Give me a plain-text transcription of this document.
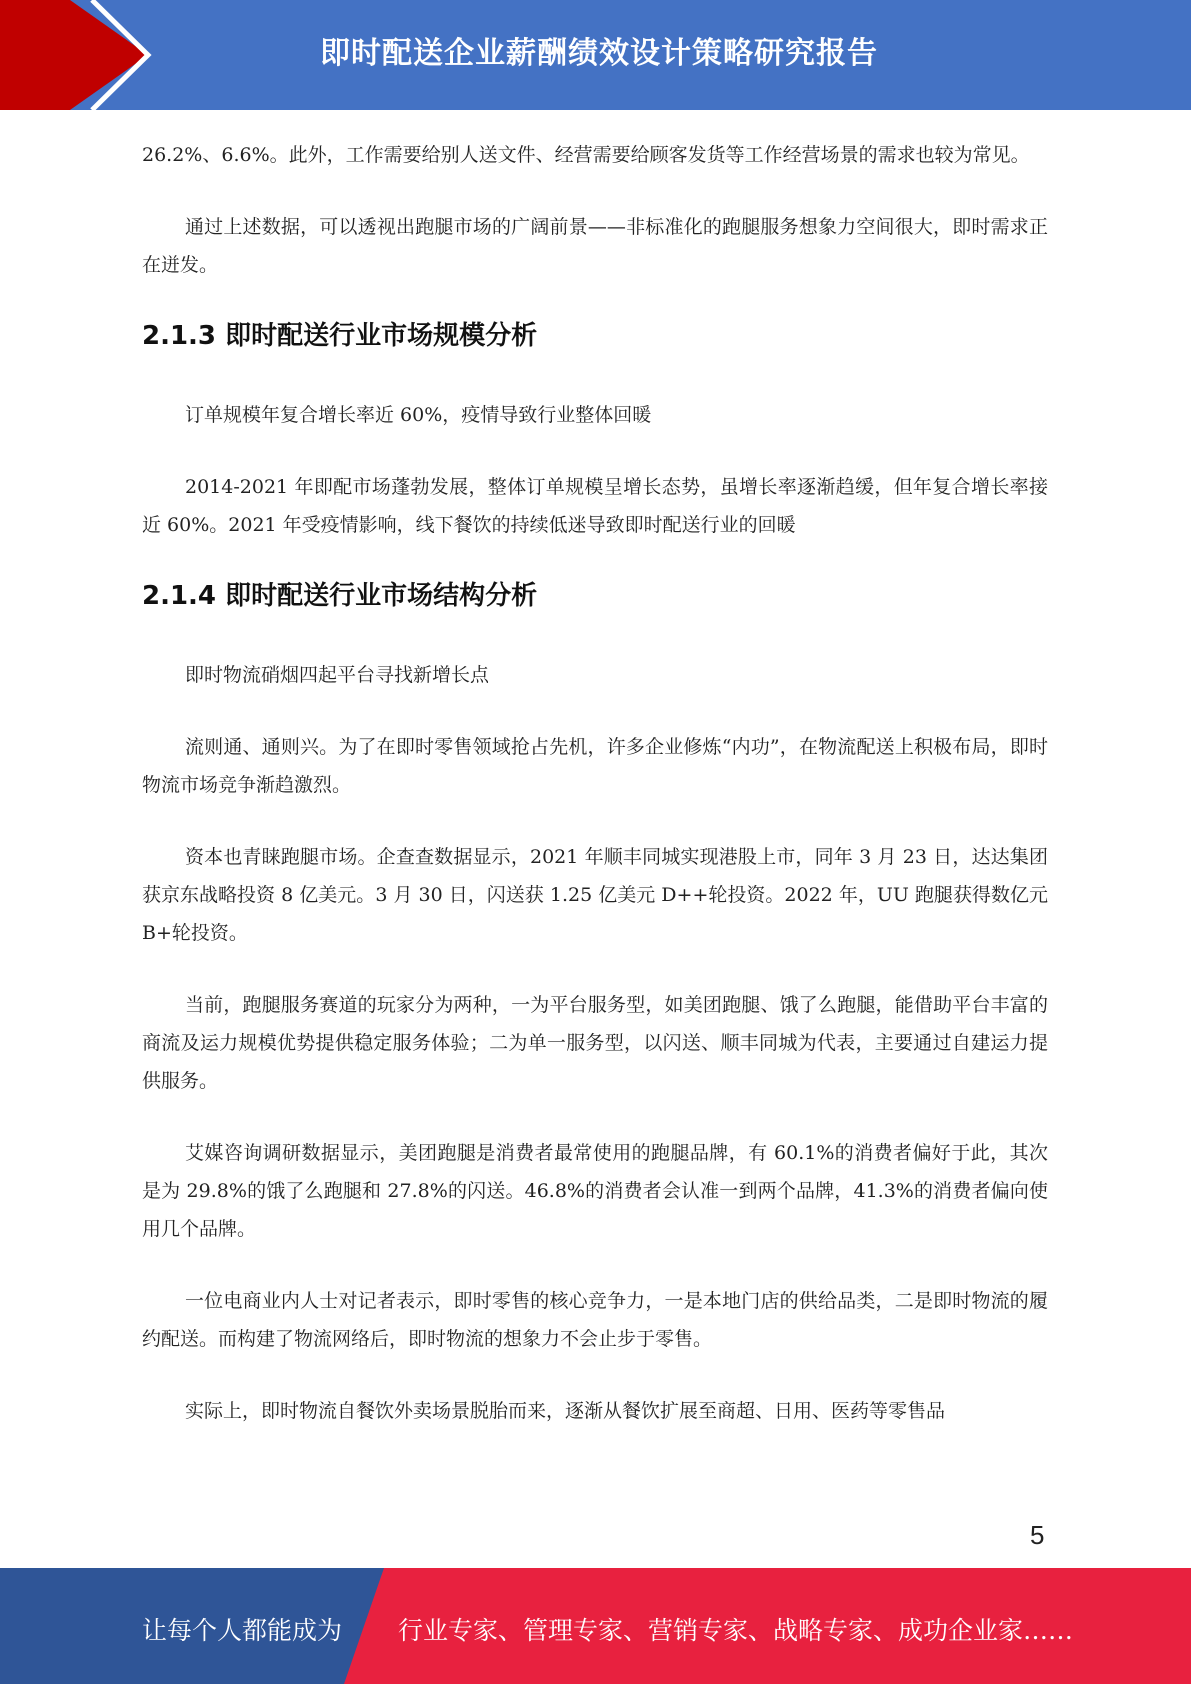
即时配送企业薪酬绩效设计策略研究报告

26.2%、6.6%。此外，工作需要给别人送文件、经营需要给顾客发货等工作经营场景的需求也较为常见。

通过上述数据，可以透视出跑腿市场的广阔前景——非标准化的跑腿服务想象力空间很大，即时需求正在迸发。

2.1.3 即时配送行业市场规模分析

订单规模年复合增长率近 60%，疫情导致行业整体回暖

2014-2021 年即配市场蓬勃发展，整体订单规模呈增长态势，虽增长率逐渐趋缓，但年复合增长率接近 60%。2021 年受疫情影响，线下餐饮的持续低迷导致即时配送行业的回暖

2.1.4 即时配送行业市场结构分析

即时物流硝烟四起平台寻找新增长点

流则通、通则兴。为了在即时零售领域抢占先机，许多企业修炼“内功”，在物流配送上积极布局，即时物流市场竞争渐趋激烈。

资本也青睐跑腿市场。企查查数据显示，2021 年顺丰同城实现港股上市，同年 3 月 23 日，达达集团获京东战略投资 8 亿美元。3 月 30 日，闪送获 1.25 亿美元 D++轮投资。2022 年，UU 跑腿获得数亿元 B+轮投资。

当前，跑腿服务赛道的玩家分为两种，一为平台服务型，如美团跑腿、饿了么跑腿，能借助平台丰富的商流及运力规模优势提供稳定服务体验；二为单一服务型，以闪送、顺丰同城为代表，主要通过自建运力提供服务。

艾媒咨询调研数据显示，美团跑腿是消费者最常使用的跑腿品牌，有 60.1%的消费者偏好于此，其次是为 29.8%的饿了么跑腿和 27.8%的闪送。46.8%的消费者会认准一到两个品牌，41.3%的消费者偏向使用几个品牌。

一位电商业内人士对记者表示，即时零售的核心竞争力，一是本地门店的供给品类，二是即时物流的履约配送。而构建了物流网络后，即时物流的想象力不会止步于零售。

实际上，即时物流自餐饮外卖场景脱胎而来，逐渐从餐饮扩展至商超、日用、医药等零售品

5
让每个人都能成为 行业专家、管理专家、营销专家、战略专家、成功企业家……
